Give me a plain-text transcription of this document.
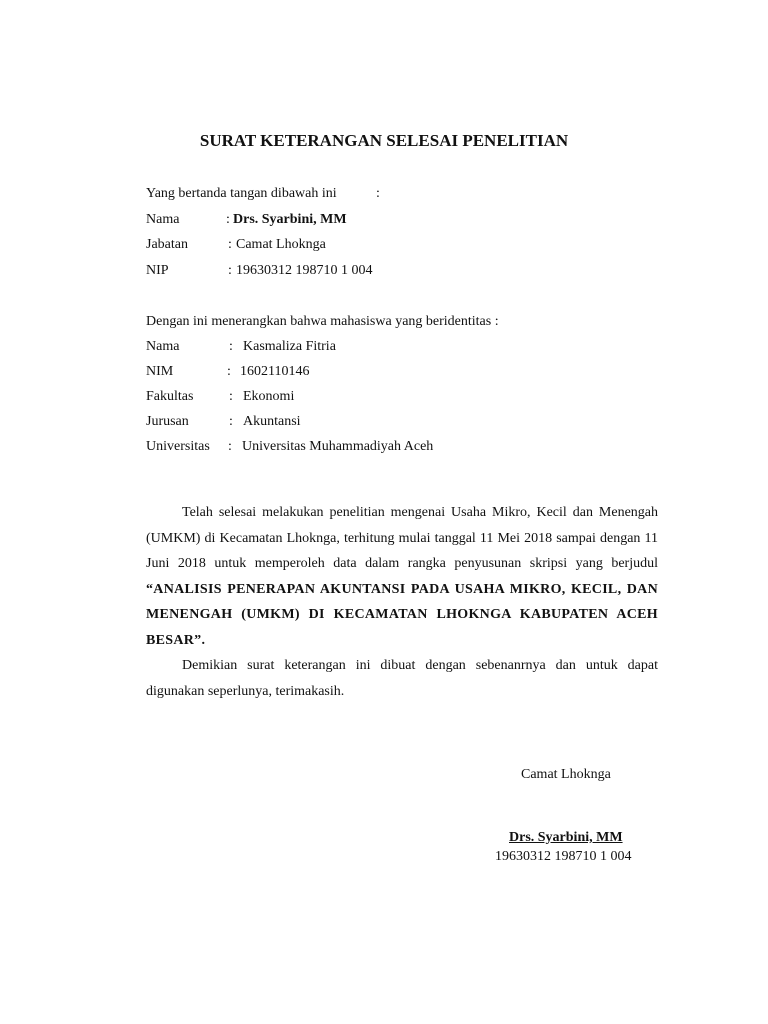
SURAT KETERANGAN SELESAI PENELITIAN
Yang bertanda tangan dibawah ini	:
Nama	: Drs. Syarbini, MM
Jabatan	: Camat Lhoknga
NIP	: 19630312 198710 1 004
Dengan ini menerangkan bahwa mahasiswa yang beridentitas :
Nama	: Kasmaliza Fitria
NIM	: 1602110146
Fakultas	: Ekonomi
Jurusan	: Akuntansi
Universitas : Universitas Muhammadiyah Aceh

Telah selesai melakukan penelitian mengenai Usaha Mikro, Kecil dan Menengah (UMKM) di Kecamatan Lhoknga, terhitung mulai tanggal 11 Mei 2018 sampai dengan 11 Juni 2018 untuk memperoleh data dalam rangka penyusunan skripsi yang berjudul “ANALISIS PENERAPAN AKUNTANSI PADA USAHA MIKRO, KECIL, DAN MENENGAH (UMKM) DI KECAMATAN LHOKNGA KABUPATEN ACEH BESAR”.

Demikian surat keterangan ini dibuat dengan sebenanrnya dan untuk dapat digunakan seperlunya, terimakasih.

Camat Lhoknga
Drs. Syarbini, MM
19630312 198710 1 004
